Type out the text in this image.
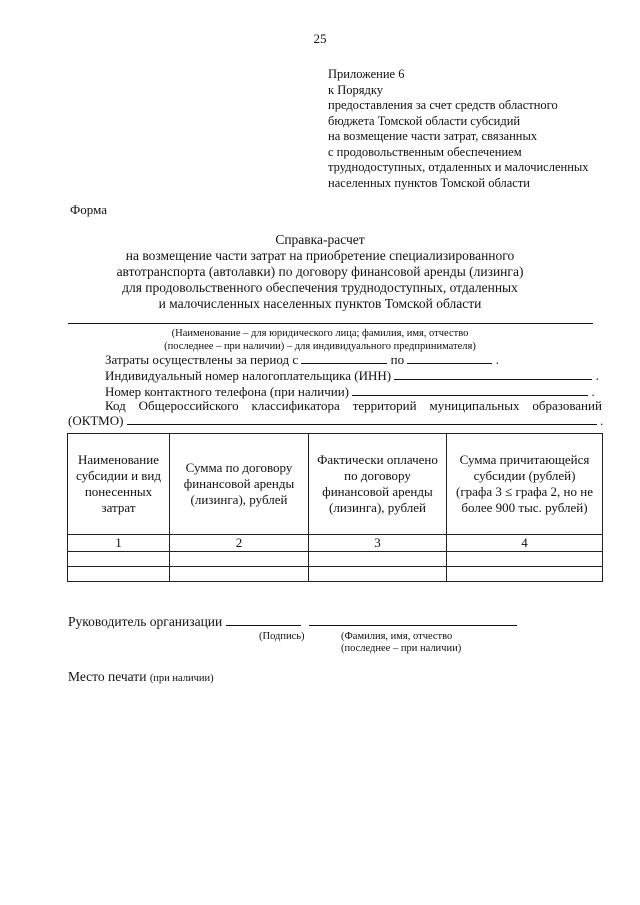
25
Приложение 6
к Порядку
предоставления за счет средств областного
бюджета Томской области субсидий
на возмещение части затрат, связанных
с продовольственным обеспечением
труднодоступных, отдаленных и малочисленных
населенных пунктов Томской области
Форма
Справка-расчет
на возмещение части затрат на приобретение специализированного
автотранспорта (автолавки) по договору финансовой аренды (лизинга)
для продовольственного обеспечения труднодоступных, отдаленных
и малочисленных населенных пунктов Томской области
(Наименование – для юридического лица; фамилия, имя, отчество
(последнее – при наличии) – для индивидуального предпринимателя)
Затраты осуществлены за период с	по	.
Индивидуальный номер налогоплательщика (ИНН)	.
Номер контактного телефона (при наличии)	.
Код Общероссийского классификатора территорий муниципальных образований
(ОКТМО)	.
Наименование субсидии и вид понесенных затрат	Сумма по договору финансовой аренды (лизинга), рублей	Фактически оплачено по договору финансовой аренды (лизинга), рублей	Сумма причитающейся субсидии (рублей) (графа 3 ≤ графа 2, но не более 900 тыс. рублей)
1	2	3	4

Руководитель организации
(Подпись)	(Фамилия, имя, отчество
(последнее – при наличии)
Место печати (при наличии)
